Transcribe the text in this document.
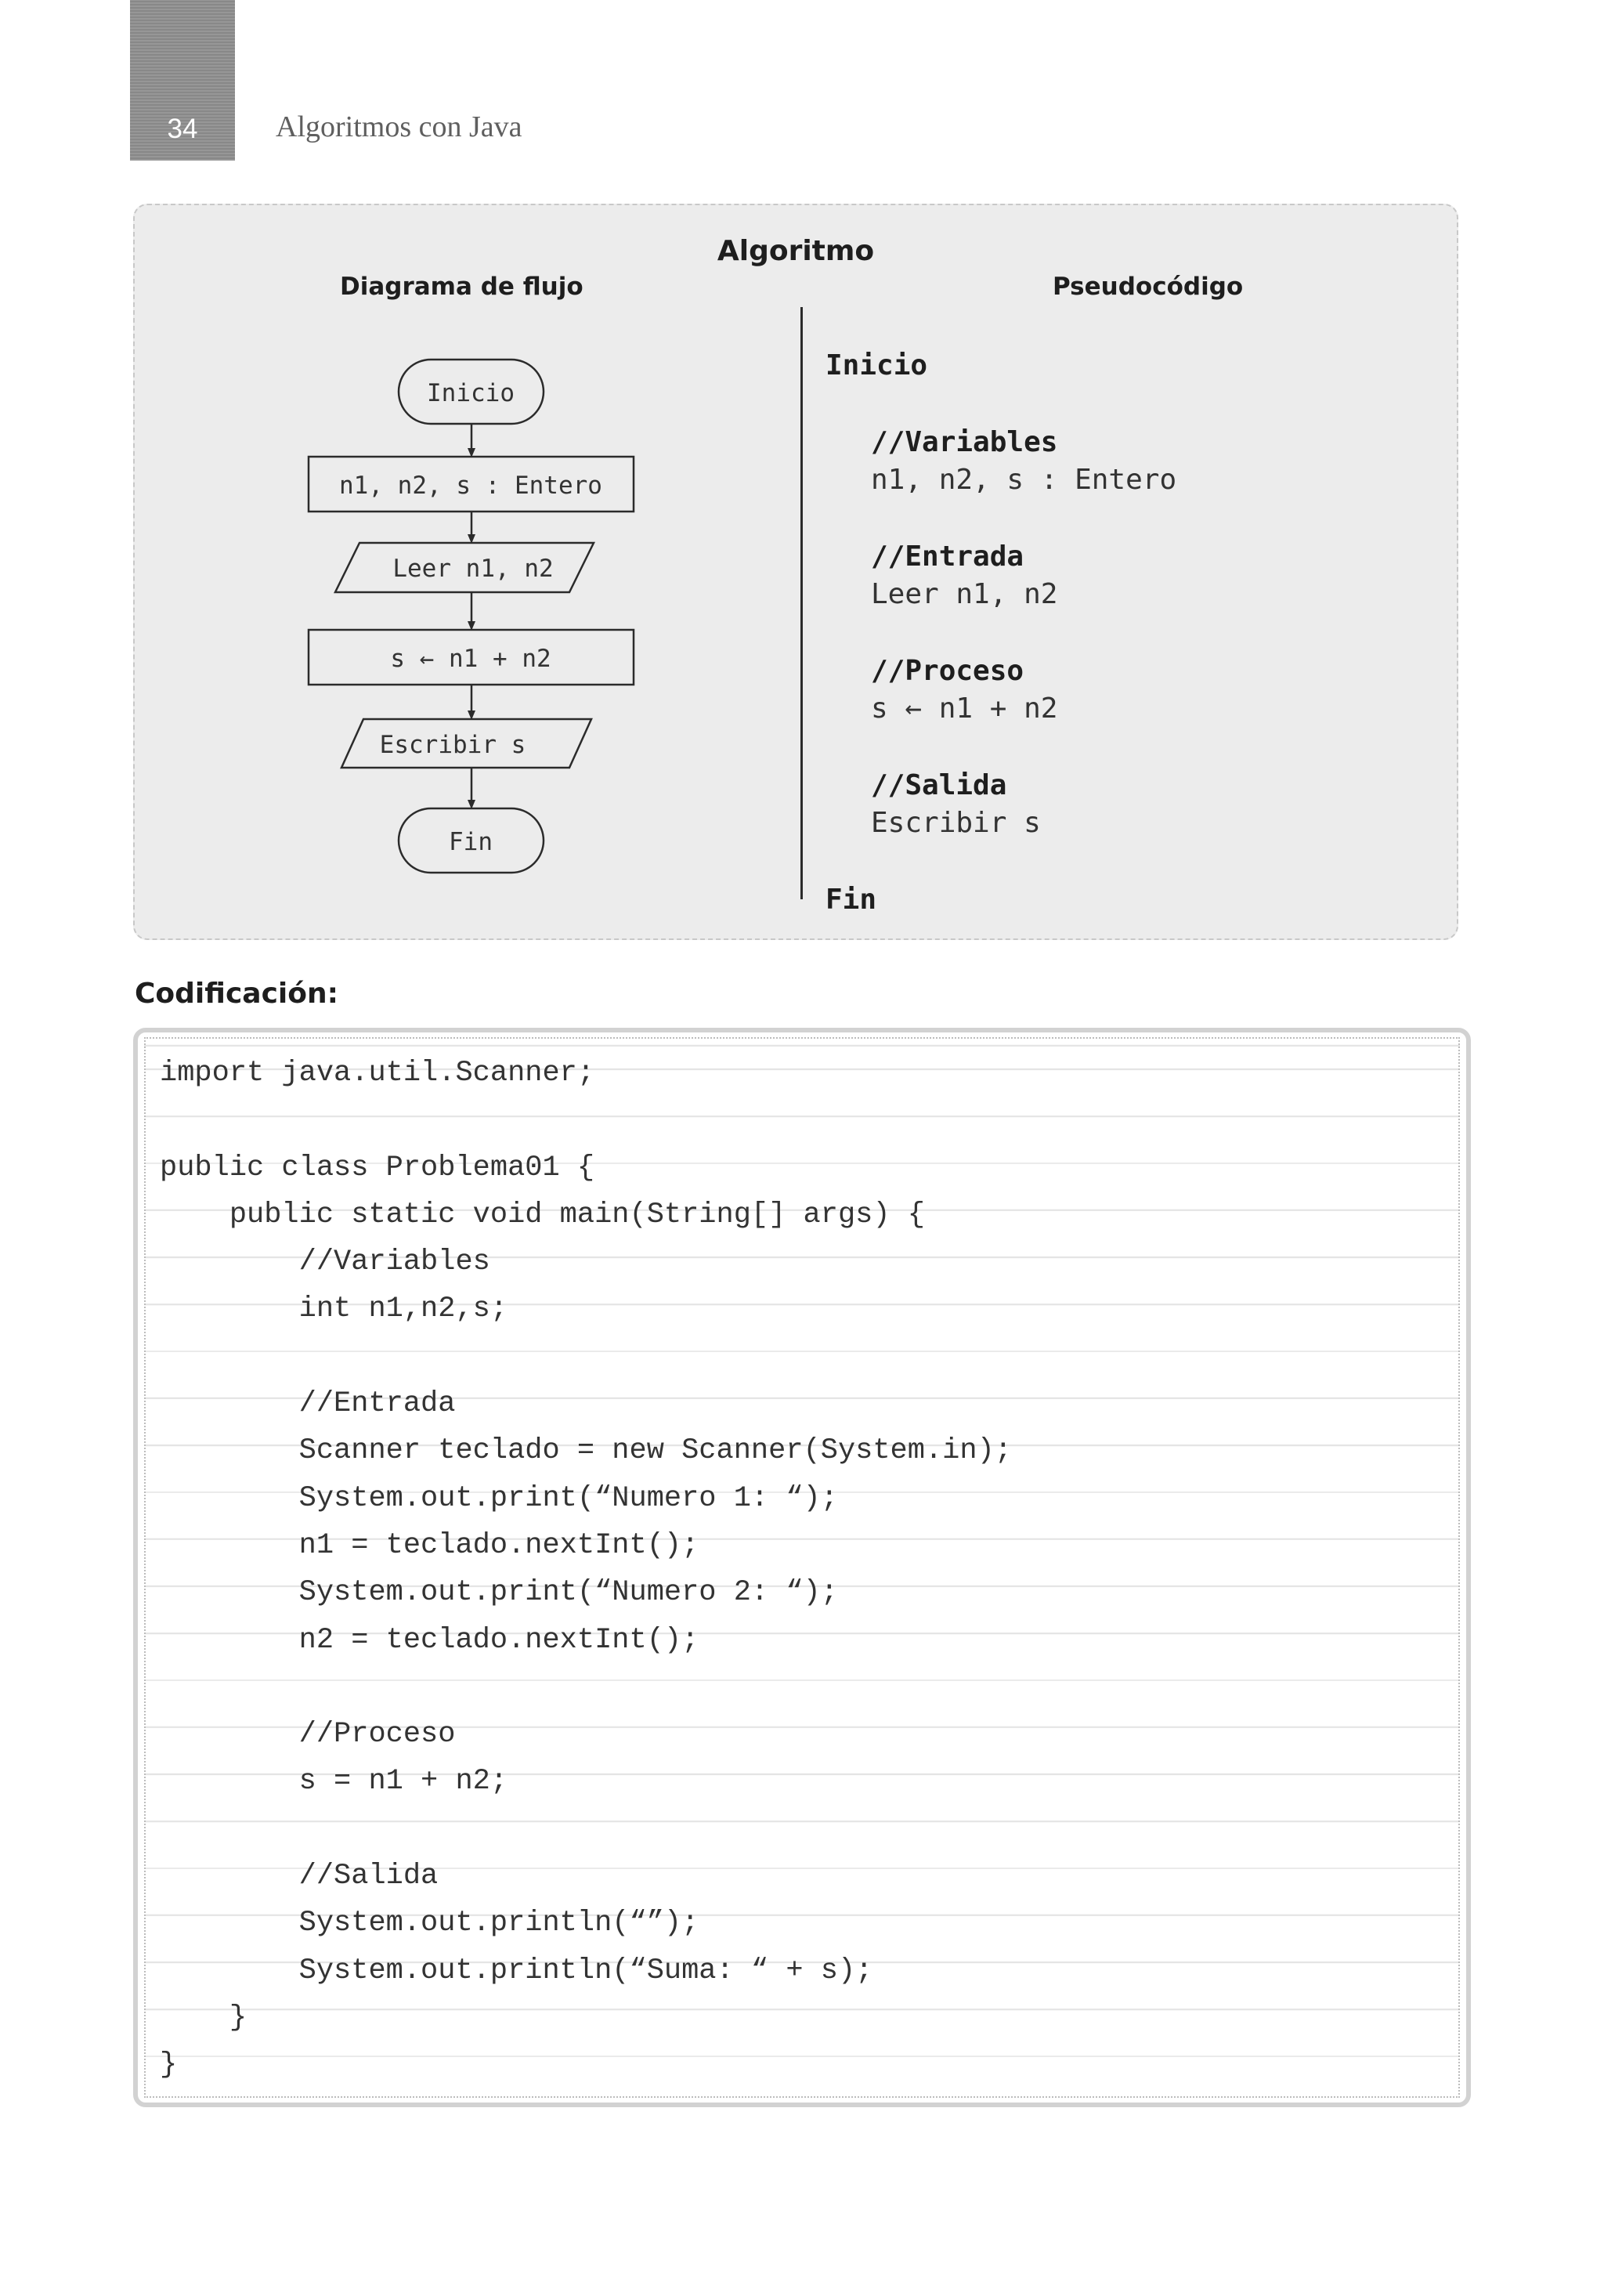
34	Algoritmos con Java
Algoritmo
Diagrama de flujo	Pseudocódigo
Inicio
n1, n2, s : Entero
Leer n1, n2
s ← n1 + n2
Escribir s
Fin
Inicio
//Variables
n1, n2, s : Entero
//Entrada
Leer n1, n2
//Proceso
s ← n1 + n2
//Salida
Escribir s
Fin
Codificación:
import java.util.Scanner;
public class Problema01 {
public static void main(String[] args) {
//Variables
int n1,n2,s;
//Entrada
Scanner teclado = new Scanner(System.in);
System.out.print(“Numero 1: “);
n1 = teclado.nextInt();
System.out.print(“Numero 2: “);
n2 = teclado.nextInt();
//Proceso
s = n1 + n2;
//Salida
System.out.println(“”);
System.out.println(“Suma: “ + s);
}
}
